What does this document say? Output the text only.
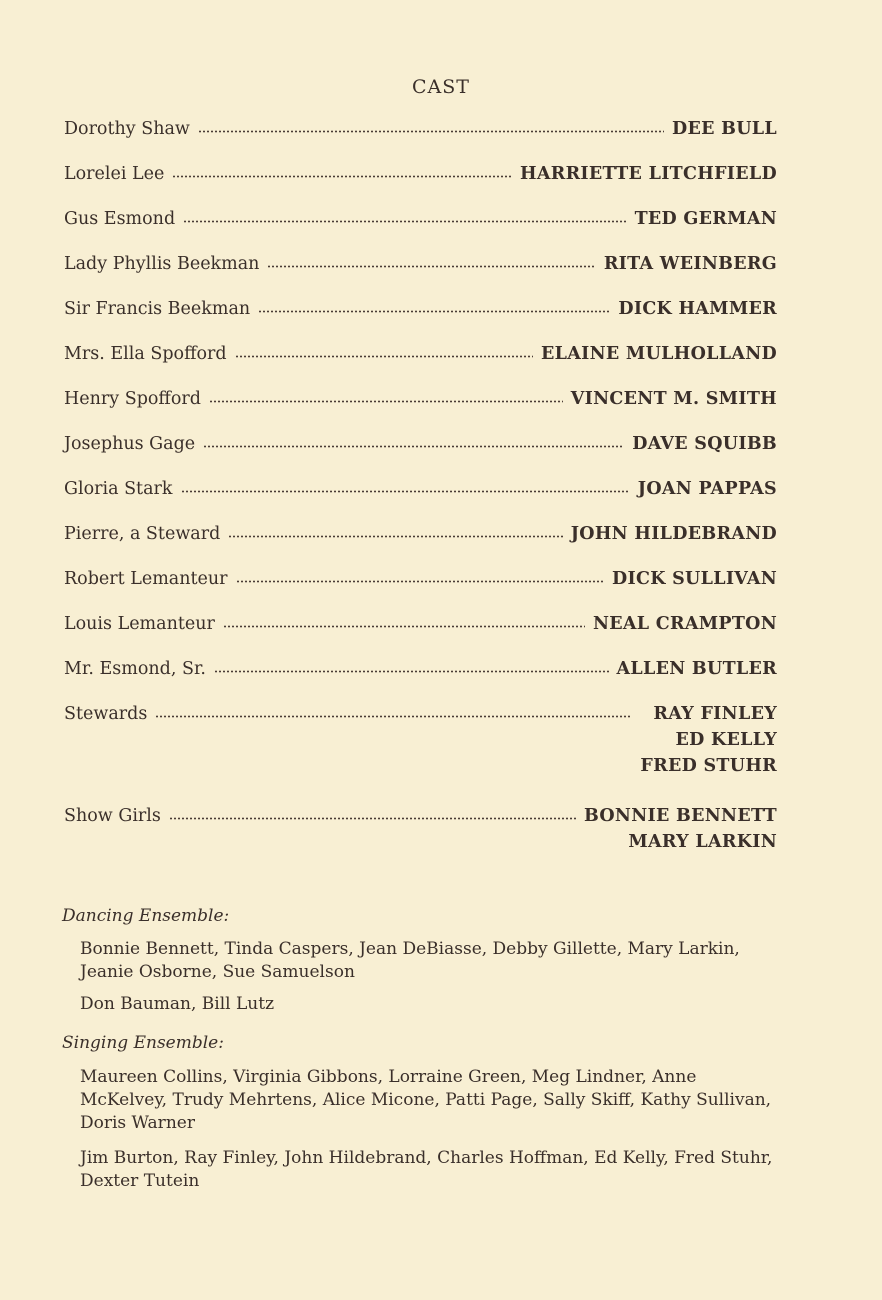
CAST
Dorothy Shaw	DEE BULL
Lorelei Lee	HARRIETTE LITCHFIELD
Gus Esmond	TED GERMAN
Lady Phyllis Beekman	RITA WEINBERG
Sir Francis Beekman	DICK HAMMER
Mrs. Ella Spofford	ELAINE MULHOLLAND
Henry Spofford	VINCENT M. SMITH
Josephus Gage	DAVE SQUIBB
Gloria Stark	JOAN PAPPAS
Pierre, a Steward	JOHN HILDEBRAND
Robert Lemanteur	DICK SULLIVAN
Louis Lemanteur	NEAL CRAMPTON
Mr. Esmond, Sr.	ALLEN BUTLER
Stewards	RAY FINLEY
ED KELLY
FRED STUHR
Show Girls	BONNIE BENNETT
MARY LARKIN
Dancing Ensemble:
Bonnie Bennett, Tinda Caspers, Jean DeBiasse, Debby Gillette, Mary Larkin, Jeanie Osborne, Sue Samuelson
Don Bauman, Bill Lutz
Singing Ensemble:
Maureen Collins, Virginia Gibbons, Lorraine Green, Meg Lindner, Anne McKelvey, Trudy Mehrtens, Alice Micone, Patti Page, Sally Skiff, Kathy Sullivan, Doris Warner
Jim Burton, Ray Finley, John Hildebrand, Charles Hoffman, Ed Kelly, Fred Stuhr, Dexter Tutein
